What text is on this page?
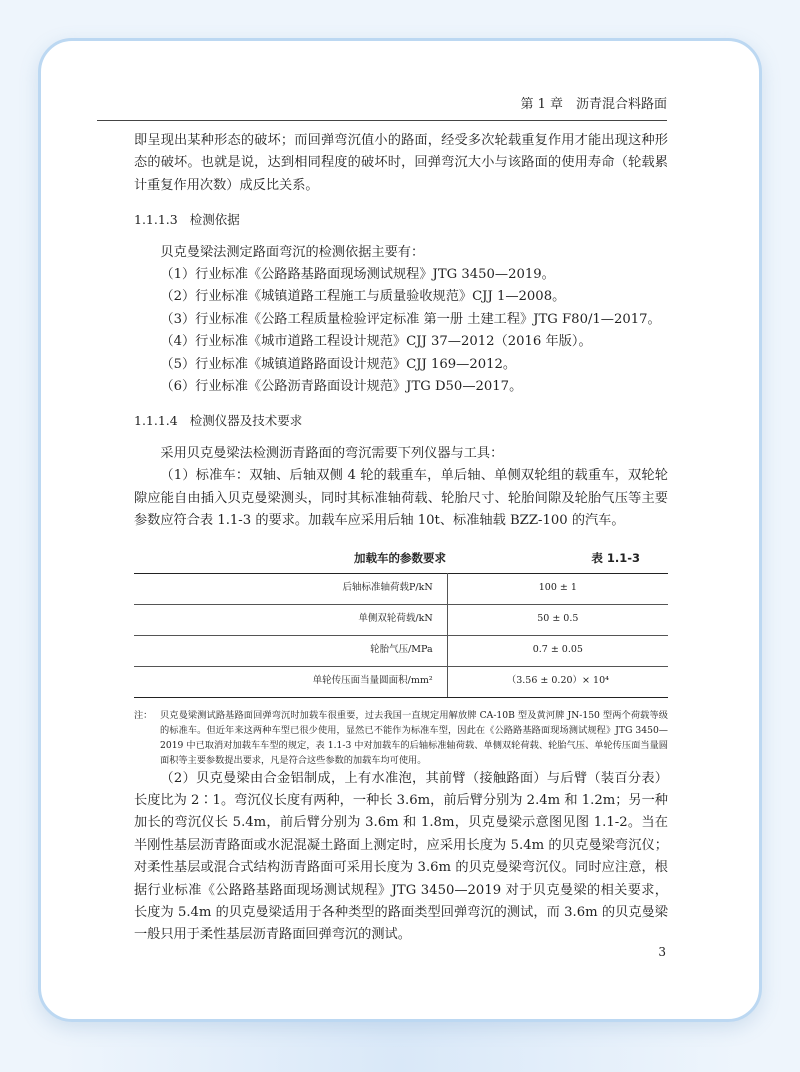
第 1 章　沥青混合料路面

即呈现出某种形态的破坏；而回弹弯沉值小的路面，经受多次轮载重复作用才能出现这种形态的破坏。也就是说，达到相同程度的破坏时，回弹弯沉大小与该路面的使用寿命（轮载累计重复作用次数）成反比关系。

1.1.1.3 检测依据

贝克曼梁法测定路面弯沉的检测依据主要有：

（1）行业标准《公路路基路面现场测试规程》JTG 3450—2019。

（2）行业标准《城镇道路工程施工与质量验收规范》CJJ 1—2008。

（3）行业标准《公路工程质量检验评定标准 第一册 土建工程》JTG F80/1—2017。

（4）行业标准《城市道路工程设计规范》CJJ 37—2012（2016 年版）。

（5）行业标准《城镇道路路面设计规范》CJJ 169—2012。

（6）行业标准《公路沥青路面设计规范》JTG D50—2017。

1.1.1.4 检测仪器及技术要求

采用贝克曼梁法检测沥青路面的弯沉需要下列仪器与工具：

（1）标准车：双轴、后轴双侧 4 轮的载重车，单后轴、单侧双轮组的载重车，双轮轮隙应能自由插入贝克曼梁测头，同时其标准轴荷载、轮胎尺寸、轮胎间隙及轮胎气压等主要参数应符合表 1.1-3 的要求。加载车应采用后轴 10t、标准轴载 BZZ-100 的汽车。

加载车的参数要求	表 1.1-3
后轴标准轴荷载P/kN	100 ± 1
单侧双轮荷载/kN	50 ± 0.5
轮胎气压/MPa	0.7 ± 0.05
单轮传压面当量圆面积/mm²	（3.56 ± 0.20）× 10⁴
注： 贝克曼梁测试路基路面回弹弯沉时加载车很重要，过去我国一直规定用解放牌 CA-10B 型及黄河牌 JN-150 型两个荷载等级的标准车。但近年来这两种车型已很少使用，显然已不能作为标准车型，因此在《公路路基路面现场测试规程》JTG 3450—2019 中已取消对加载车车型的规定，表 1.1-3 中对加载车的后轴标准轴荷载、单侧双轮荷载、轮胎气压、单轮传压面当量圆面积等主要参数提出要求，凡是符合这些参数的加载车均可使用。

（2）贝克曼梁由合金铝制成，上有水准泡，其前臂（接触路面）与后臂（装百分表）长度比为 2∶1。弯沉仪长度有两种，一种长 3.6m，前后臂分别为 2.4m 和 1.2m；另一种加长的弯沉仪长 5.4m，前后臂分别为 3.6m 和 1.8m，贝克曼梁示意图见图 1.1-2。当在半刚性基层沥青路面或水泥混凝土路面上测定时，应采用长度为 5.4m 的贝克曼梁弯沉仪；对柔性基层或混合式结构沥青路面可采用长度为 3.6m 的贝克曼梁弯沉仪。同时应注意，根据行业标准《公路路基路面现场测试规程》JTG 3450—2019 对于贝克曼梁的相关要求，长度为 5.4m 的贝克曼梁适用于各种类型的路面类型回弹弯沉的测试，而 3.6m 的贝克曼梁一般只用于柔性基层沥青路面回弹弯沉的测试。

3
